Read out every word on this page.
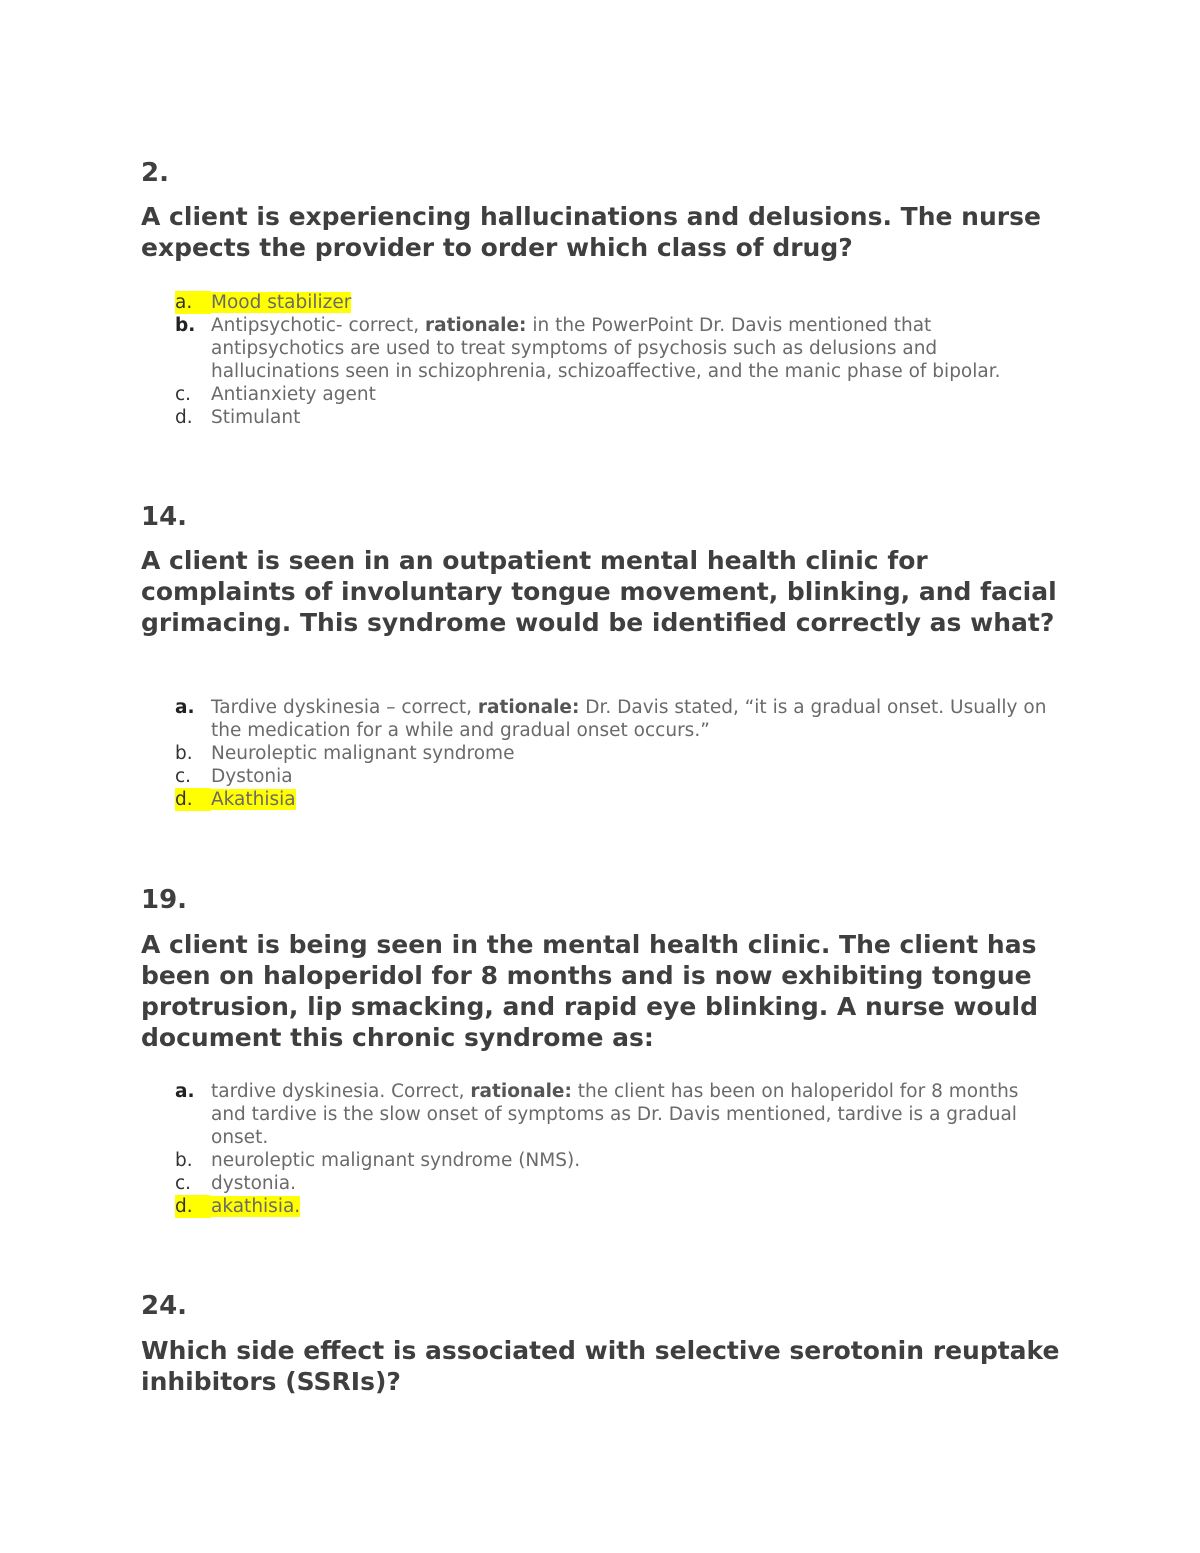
2.
A client is experiencing hallucinations and delusions. The nurse expects the provider to order which class of drug?
a.	Mood stabilizer
b. Antipsychotic- correct, rationale: in the PowerPoint Dr. Davis mentioned that antipsychotics are used to treat symptoms of psychosis such as delusions and hallucinations seen in schizophrenia, schizoaffective, and the manic phase of bipolar.
c.	Antianxiety agent
d. Stimulant
14.
A client is seen in an outpatient mental health clinic for complaints of involuntary tongue movement, blinking, and facial grimacing. This syndrome would be identified correctly as what?
a. Tardive dyskinesia – correct, rationale: Dr. Davis stated, “it is a gradual onset. Usually on the medication for a while and gradual onset occurs.”
b. Neuroleptic malignant syndrome
c.	Dystonia
d. Akathisia
19.
A client is being seen in the mental health clinic. The client has been on haloperidol for 8 months and is now exhibiting tongue protrusion, lip smacking, and rapid eye blinking. A nurse would document this chronic syndrome as:
a. tardive dyskinesia. Correct, rationale: the client has been on haloperidol for 8 months and tardive is the slow onset of symptoms as Dr. Davis mentioned, tardive is a gradual onset.
b. neuroleptic malignant syndrome (NMS).
c.	dystonia.
d. akathisia.
24.
Which side effect is associated with selective serotonin reuptake inhibitors (SSRIs)?
